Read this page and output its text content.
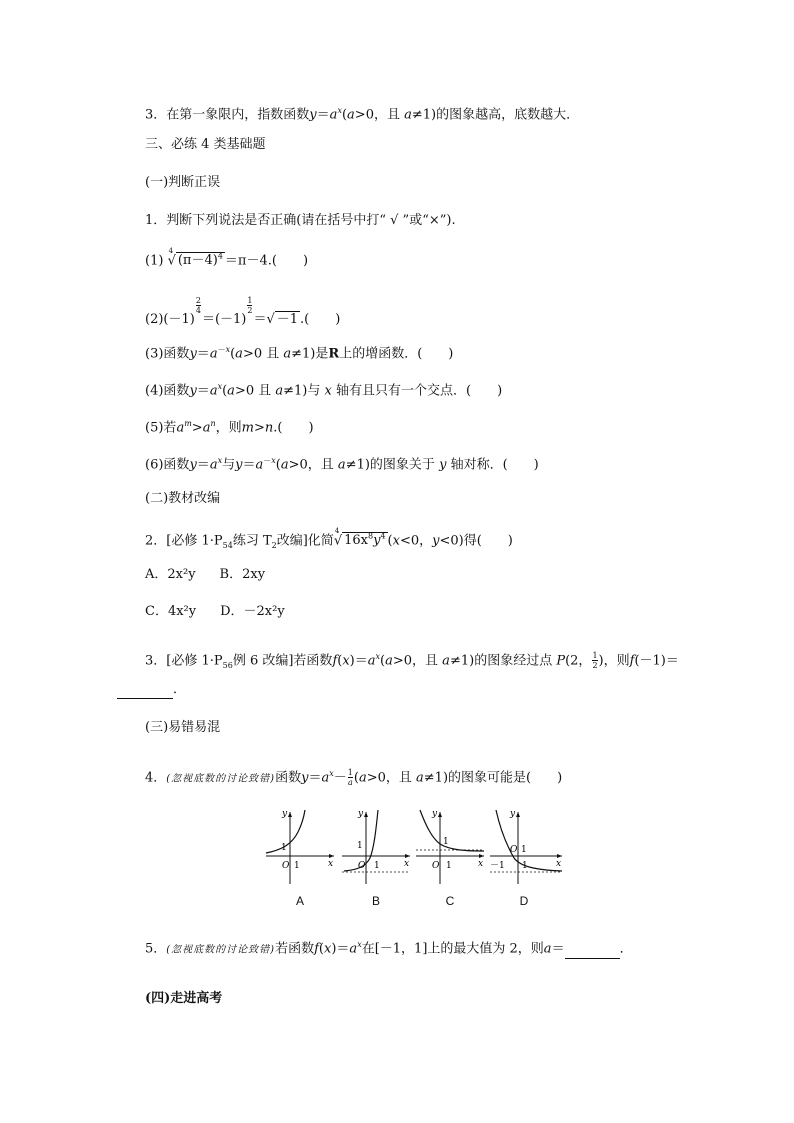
3．在第一象限内，指数函数$y=a^x(a>0$，且 a≠1)的图象越高，底数越大．
三、必练 4 类基础题
(一)判断正误
1．判断下列说法是否正确(请在括号中打“ √ ”或“×”).
(1)
4
√ $(\pi-4)^4 =\pi-4$.(　　)
(2)(－1)
$\frac{2}{4}$
＝(－1)
$\frac{1}{2}$
＝√ －1 .(　　)
(3)函数$y=a^{-x}(a>0$ 且 a≠1)是R上的增函数．(　　)
(4)函数$y=a^x(a>0$ 且 a≠1)与 x 轴有且只有一个交点．(　　)
(5)若$a^m>a^n$，则m>n.(　　)
(6)函数$y=a^x$与$y=a^{-x}(a>0$，且 a≠1)的图象关于 y 轴对称．(　　)
(二)教材改编
2．[必修 $1\cdot P_{54}$练习 $T_2$改编]化简
4
√ $16x^8y^4$ (x<0，y<0)得(　　)
A．2x²y B．2xy
C．4x²y D．－2x²y
3．[必修 $1\cdot P_{56}$例 6 改编]若函数$f(x)=a^x(a>0$，且 a≠1)的图象经过点 P(2， $\frac{1}{2}$ )，则f(－1)＝
．
(三)易错易混
4．(忽视底数的讨论致错)函数$y=a^x- \frac{1}{a} (a>0$，且 a≠1)的图象可能是(　　)
y
x
O 1
1
A
y
x
O 1
1
B
y
x
O 1
1
C
y
x
O 1
－1 1
D
5．(忽视底数的讨论致错)若函数$f(x)=a^x$在[－1，1]上的最大值为 2，则a＝	．
(四)走进高考
